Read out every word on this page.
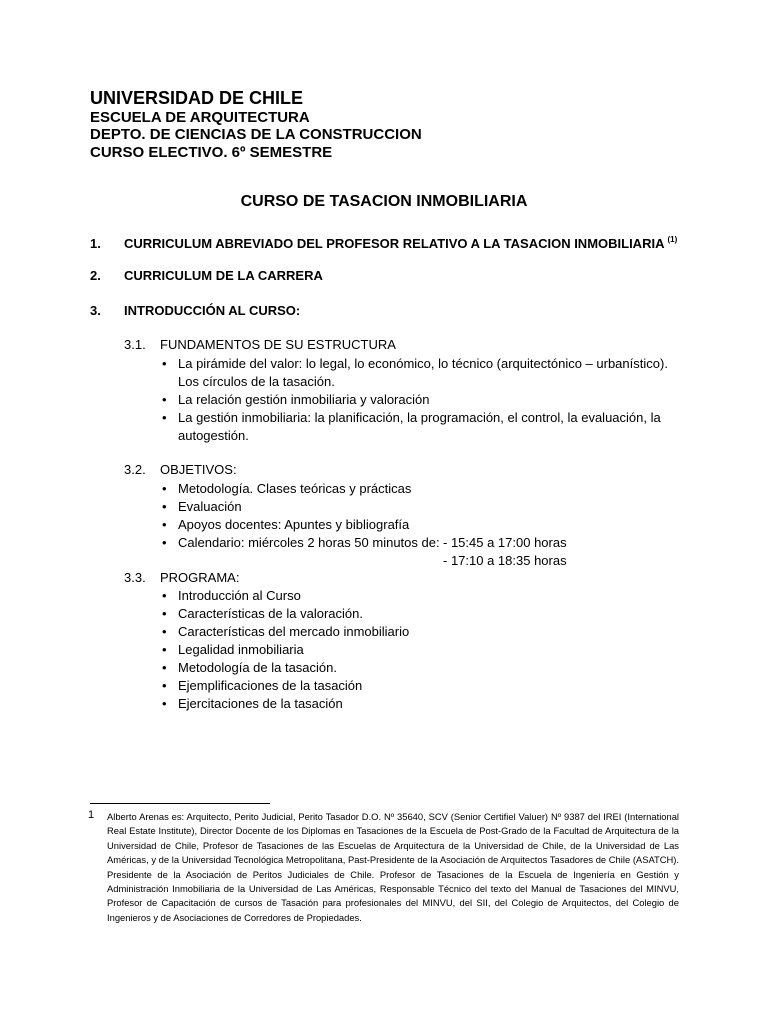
UNIVERSIDAD DE CHILE
ESCUELA DE ARQUITECTURA
DEPTO. DE CIENCIAS DE LA CONSTRUCCION
CURSO ELECTIVO. 6º SEMESTRE
CURSO DE TASACION INMOBILIARIA
1. CURRICULUM ABREVIADO DEL PROFESOR RELATIVO A LA TASACION INMOBILIARIA $^{(1)}$
2. CURRICULUM DE LA CARRERA
3. INTRODUCCIÓN AL CURSO:
3.1. FUNDAMENTOS DE SU ESTRUCTURA
• La pirámide del valor: lo legal, lo económico, lo técnico (arquitectónico – urbanístico). Los círculos de la tasación.
• La relación gestión inmobiliaria y valoración
• La gestión inmobiliaria: la planificación, la programación, el control, la evaluación, la autogestión.
3.2. OBJETIVOS:
• Metodología. Clases teóricas y prácticas
• Evaluación
• Apoyos docentes: Apuntes y bibliografía
• Calendario: miércoles 2 horas 50 minutos de: - 15:45 a 17:00 horas
- 17:10 a 18:35 horas
3.3. PROGRAMA:
• Introducción al Curso
• Características de la valoración.
• Características del mercado inmobiliario
• Legalidad inmobiliaria
• Metodología de la tasación.
• Ejemplificaciones de la tasación
• Ejercitaciones de la tasación
1 Alberto Arenas es: Arquitecto, Perito Judicial, Perito Tasador D.O. Nº 35640, SCV (Senior Certifiel Valuer) Nº 9387 del IREI (International Real Estate Institute), Director Docente de los Diplomas en Tasaciones de la Escuela de Post-Grado de la Facultad de Arquitectura de la Universidad de Chile, Profesor de Tasaciones de las Escuelas de Arquitectura de la Universidad de Chile, de la Universidad de Las Américas, y de la Universidad Tecnológica Metropolitana, Past-Presidente de la Asociación de Arquitectos Tasadores de Chile (ASATCH). Presidente de la Asociación de Peritos Judiciales de Chile. Profesor de Tasaciones de la Escuela de Ingeniería en Gestión y Administración Inmobiliaria de la Universidad de Las Américas, Responsable Técnico del texto del Manual de Tasaciones del MINVU, Profesor de Capacitación de cursos de Tasación para profesionales del MINVU, del SII, del Colegio de Arquitectos, del Colegio de Ingenieros y de Asociaciones de Corredores de Propiedades.
